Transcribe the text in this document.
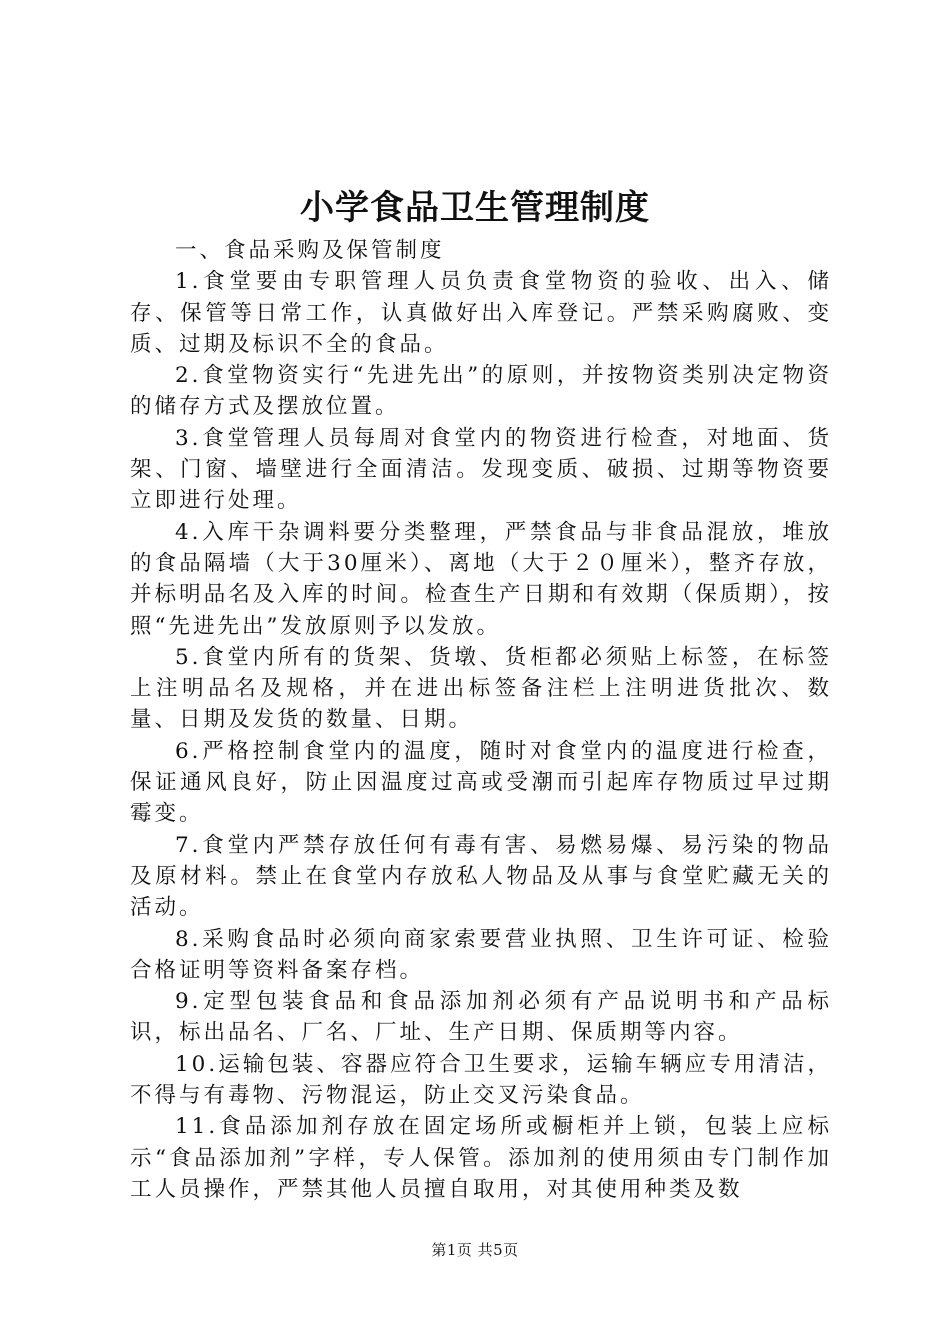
小学食品卫生管理制度

一、食品采购及保管制度

1.食堂要由专职管理人员负责食堂物资的验收、出入、储存、保管等日常工作，认真做好出入库登记。严禁采购腐败、变质、过期及标识不全的食品。

2.食堂物资实行“先进先出”的原则，并按物资类别决定物资的储存方式及摆放位置。

3.食堂管理人员每周对食堂内的物资进行检查，对地面、货架、门窗、墙壁进行全面清洁。发现变质、破损、过期等物资要立即进行处理。

4.入库干杂调料要分类整理，严禁食品与非食品混放，堆放的食品隔墙（大于30厘米）、离地（大于２０厘米），整齐存放，并标明品名及入库的时间。检查生产日期和有效期（保质期），按照“先进先出”发放原则予以发放。

5.食堂内所有的货架、货墩、货柜都必须贴上标签，在标签上注明品名及规格，并在进出标签备注栏上注明进货批次、数量、日期及发货的数量、日期。

6.严格控制食堂内的温度，随时对食堂内的温度进行检查，保证通风良好，防止因温度过高或受潮而引起库存物质过早过期霉变。

7.食堂内严禁存放任何有毒有害、易燃易爆、易污染的物品及原材料。禁止在食堂内存放私人物品及从事与食堂贮藏无关的活动。

8.采购食品时必须向商家索要营业执照、卫生许可证、检验合格证明等资料备案存档。

9.定型包装食品和食品添加剂必须有产品说明书和产品标识，标出品名、厂名、厂址、生产日期、保质期等内容。

10.运输包装、容器应符合卫生要求，运输车辆应专用清洁，不得与有毒物、污物混运，防止交叉污染食品。

11.食品添加剂存放在固定场所或橱柜并上锁，包装上应标示“食品添加剂”字样，专人保管。添加剂的使用须由专门制作加工人员操作，严禁其他人员擅自取用，对其使用种类及数

第1页 共5页
